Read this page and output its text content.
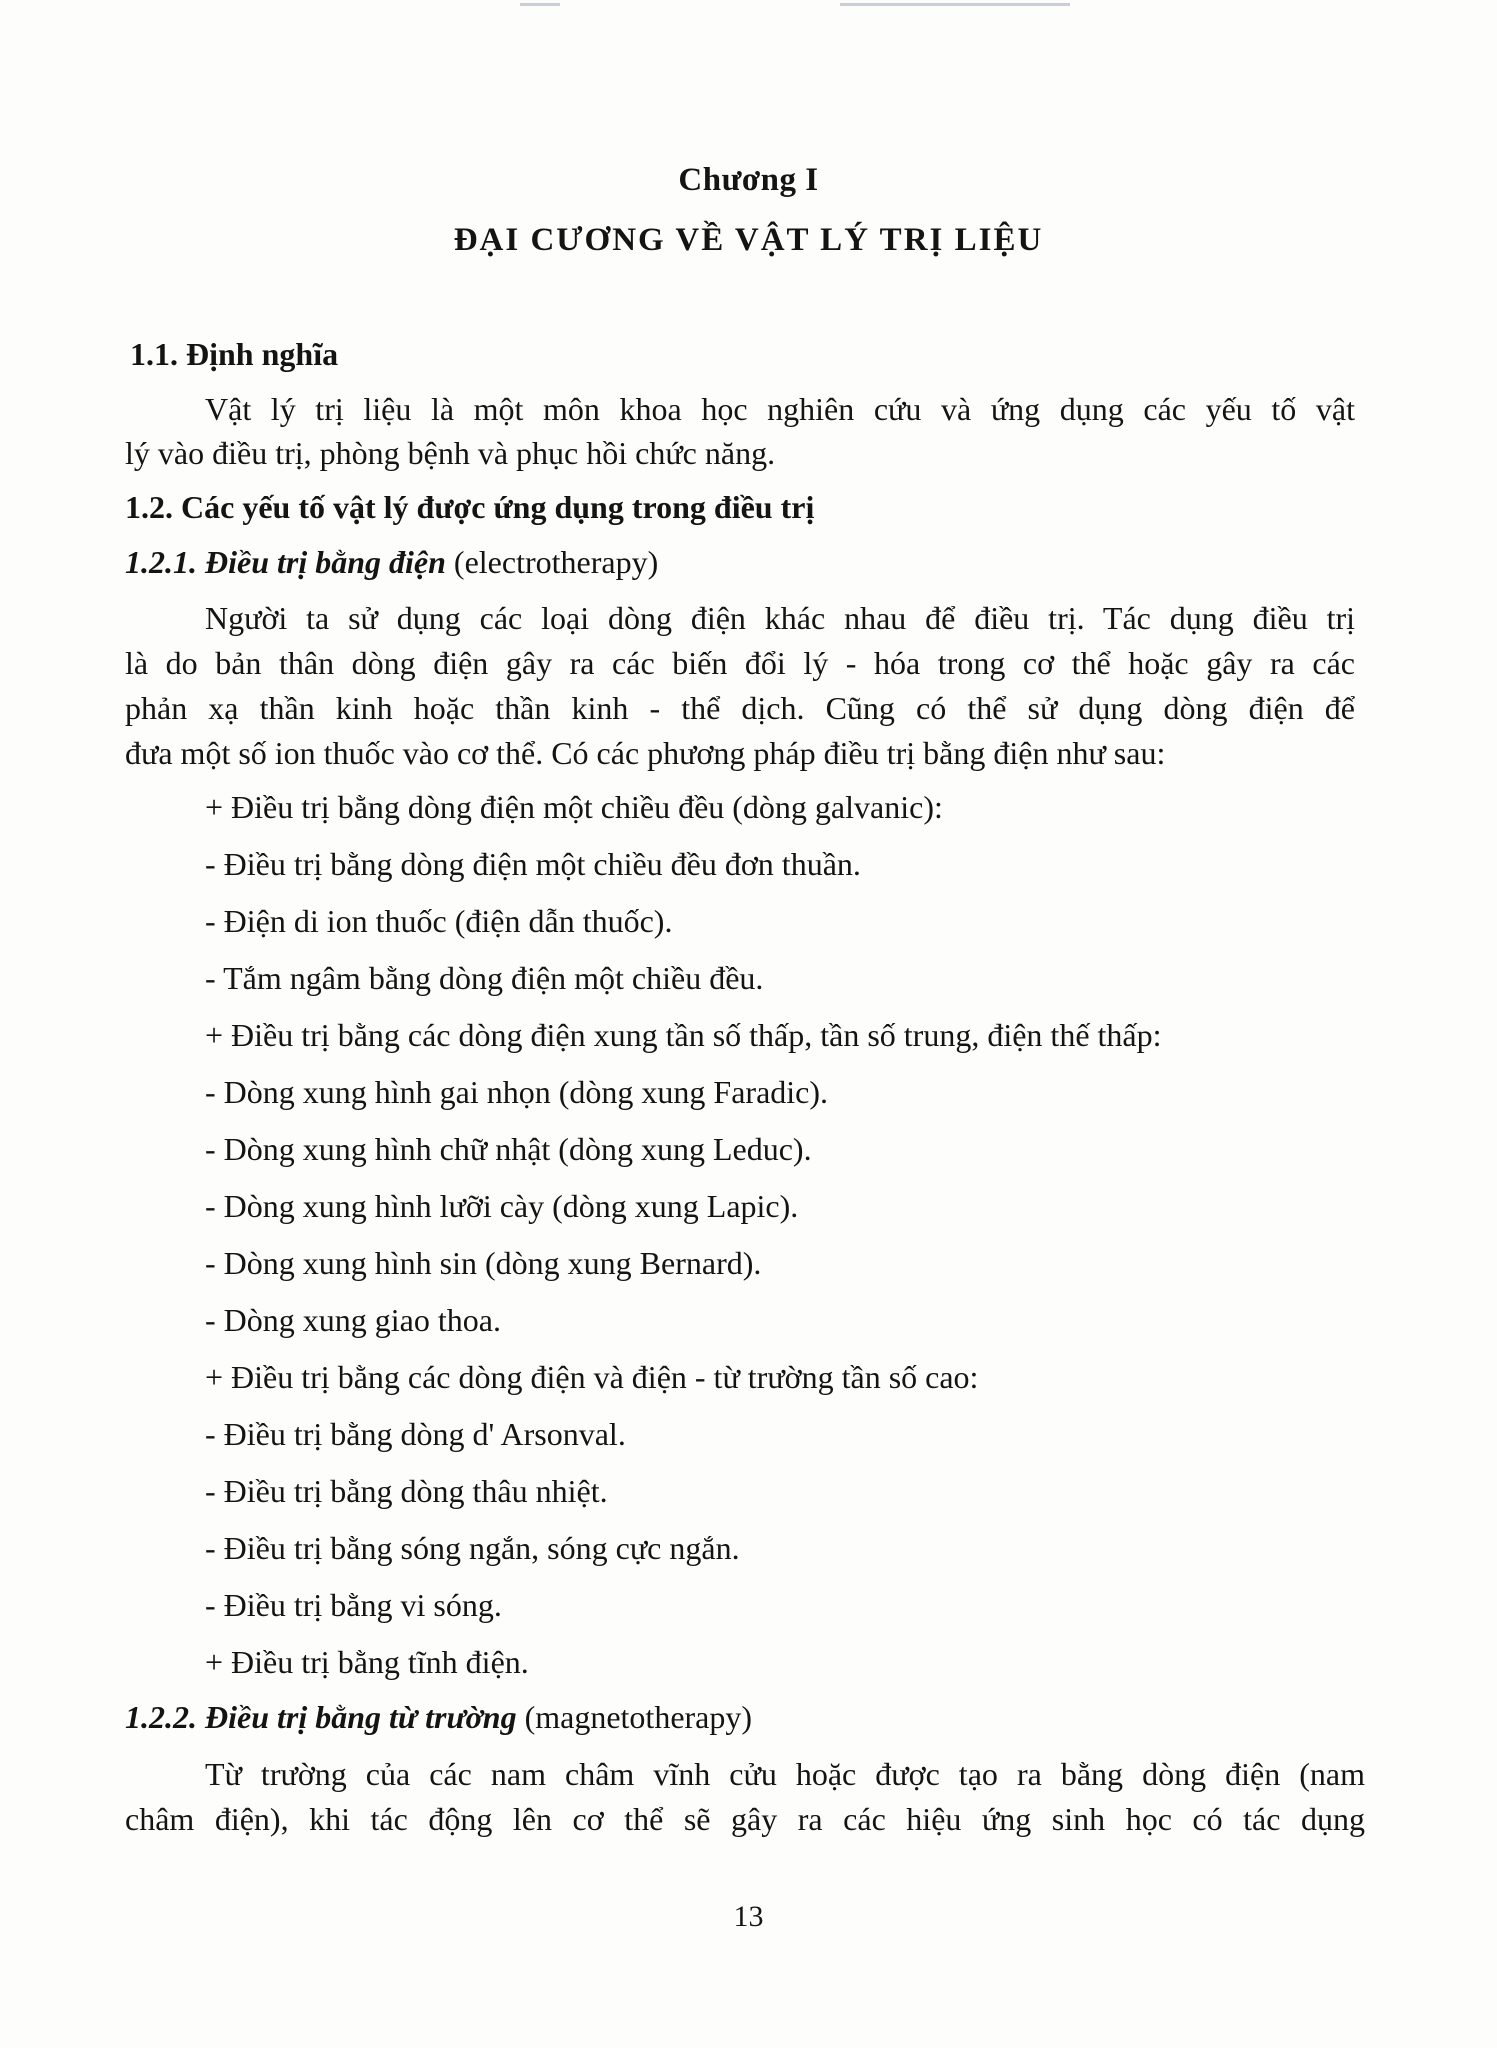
Chương I
ĐẠI CƯƠNG VỀ VẬT LÝ TRỊ LIỆU

1.1. Định nghĩa

Vật lý trị liệu là một môn khoa học nghiên cứu và ứng dụng các yếu tố vật

lý vào điều trị, phòng bệnh và phục hồi chức năng.

1.2. Các yếu tố vật lý được ứng dụng trong điều trị

1.2.1. Điều trị bằng điện (electrotherapy)

Người ta sử dụng các loại dòng điện khác nhau để điều trị. Tác dụng điều trị

là do bản thân dòng điện gây ra các biến đổi lý - hóa trong cơ thể hoặc gây ra các

phản xạ thần kinh hoặc thần kinh - thể dịch. Cũng có thể sử dụng dòng điện để

đưa một số ion thuốc vào cơ thể. Có các phương pháp điều trị bằng điện như sau:

+ Điều trị bằng dòng điện một chiều đều (dòng galvanic):

- Điều trị bằng dòng điện một chiều đều đơn thuần.

- Điện di ion thuốc (điện dẫn thuốc).

- Tắm ngâm bằng dòng điện một chiều đều.

+ Điều trị bằng các dòng điện xung tần số thấp, tần số trung, điện thế thấp:

- Dòng xung hình gai nhọn (dòng xung Faradic).

- Dòng xung hình chữ nhật (dòng xung Leduc).

- Dòng xung hình lưỡi cày (dòng xung Lapic).

- Dòng xung hình sin (dòng xung Bernard).

- Dòng xung giao thoa.

+ Điều trị bằng các dòng điện và điện - từ trường tần số cao:

- Điều trị bằng dòng d' Arsonval.

- Điều trị bằng dòng thâu nhiệt.

- Điều trị bằng sóng ngắn, sóng cực ngắn.

- Điều trị bằng vi sóng.

+ Điều trị bằng tĩnh điện.

1.2.2. Điều trị bằng từ trường (magnetotherapy)

Từ trường của các nam châm vĩnh cửu hoặc được tạo ra bằng dòng điện (nam

châm điện), khi tác động lên cơ thể sẽ gây ra các hiệu ứng sinh học có tác dụng

13
